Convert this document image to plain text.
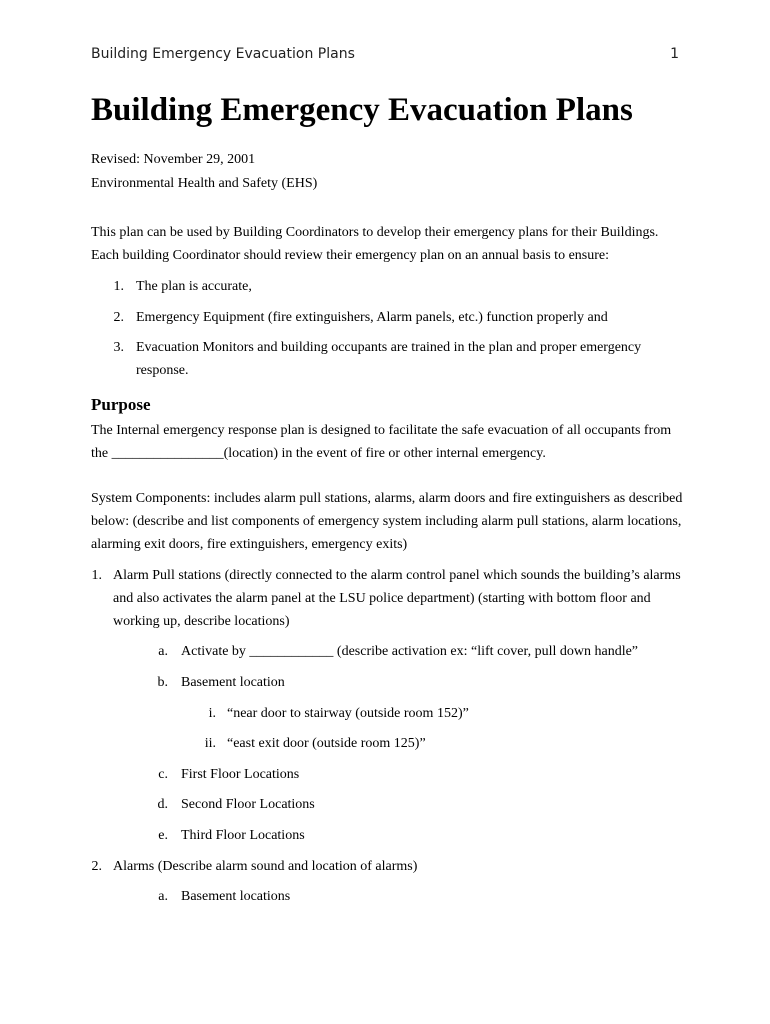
Building Emergency Evacuation Plans	1
Building Emergency Evacuation Plans
Revised: November 29, 2001
Environmental Health and Safety (EHS)
This plan can be used by Building Coordinators to develop their emergency plans for their Buildings.
Each building Coordinator should review their emergency plan on an annual basis to ensure:
1. The plan is accurate,
2. Emergency Equipment (fire extinguishers, Alarm panels, etc.) function properly and
3. Evacuation Monitors and building occupants are trained in the plan and proper emergency
response.
Purpose
The Internal emergency response plan is designed to facilitate the safe evacuation of all occupants from
the ________________(location) in the event of fire or other internal emergency.
System Components: includes alarm pull stations, alarms, alarm doors and fire extinguishers as described
below: (describe and list components of emergency system including alarm pull stations, alarm locations,
alarming exit doors, fire extinguishers, emergency exits)
1. Alarm Pull stations (directly connected to the alarm control panel which sounds the building’s alarms
and also activates the alarm panel at the LSU police department) (starting with bottom floor and
working up, describe locations)
a. Activate by ____________ (describe activation ex: “lift cover, pull down handle”
b. Basement location
i. “near door to stairway (outside room 152)”
ii. “east exit door (outside room 125)”
c. First Floor Locations
d. Second Floor Locations
e. Third Floor Locations
2. Alarms (Describe alarm sound and location of alarms)
a. Basement locations
